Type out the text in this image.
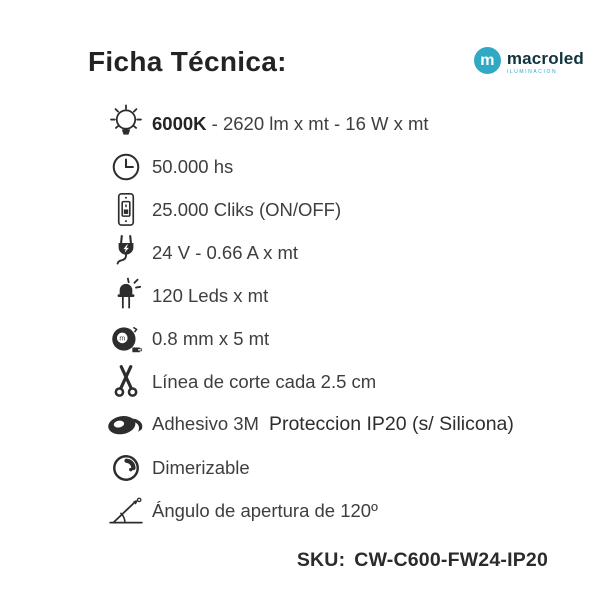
Ficha Técnica:	m macroled
ILUMINACION
6000K - 2620 lm x mt - 16 W x mt
50.000 hs
25.000 Cliks (ON/OFF)
24 V - 0.66 A x mt
120 Leds x mt
m 0.8 mm x 5 mt
Línea de corte cada 2.5 cm
Adhesivo 3M Proteccion IP20 (s/ Silicona)
Dimerizable
Ángulo de apertura de 120º
SKU: CW-C600-FW24-IP20
